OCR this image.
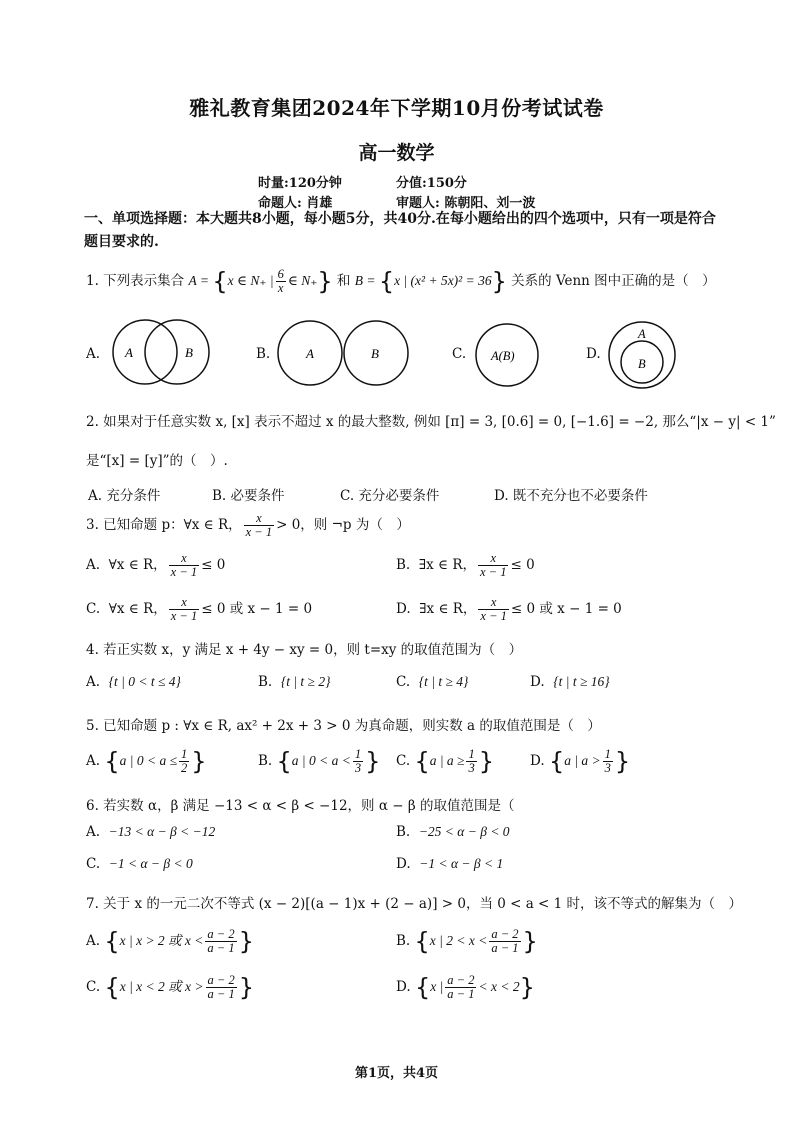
雅礼教育集团2024年下学期10月份考试试卷
高一数学
时量:120分钟	分值:150分
命题人: 肖雄	审题人: 陈朝阳、刘一波
一、单项选择题：本大题共8小题，每小题5分，共40分.在每小题给出的四个选项中，只有一项是符合题目要求的.
1. 下列表示集合 A = {x ∈ N₊ | $\frac{6}{x}$ ∈ N₊} 和 B = {x | (x² + 5x)² = 36} 关系的 Venn 图中正确的是（　）
A. A	B	B.	A	B	C. A(B)	D.
A
B
2. 如果对于任意实数 x, [x] 表示不超过 x 的最大整数, 例如 [π] = 3, [0.6] = 0, [−1.6] = −2, 那么“|x − y| < 1”
是“[x] = [y]”的（　）.
A. 充分条件	B. 必要条件	C. 充分必要条件	D. 既不充分也不必要条件
3. 已知命题 p：∀x ∈ R， $\frac{x}{x - 1} > 0$，则 ¬p 为（　）
A. ∀x ∈ R， $\frac{x}{x - 1} \le 0$	B. ∃x ∈ R， $\frac{x}{x - 1} \le 0$
C. ∀x ∈ R， $\frac{x}{x - 1} \le 0$ 或 x − 1 = 0	D. ∃x ∈ R， $\frac{x}{x - 1} \le 0$ 或 x − 1 = 0
4. 若正实数 x，y 满足 x + 4y − xy = 0，则 t=xy 的取值范围为（　）
A. {t | 0 < t ≤ 4}	B. {t | t ≥ 2}	C. {t | t ≥ 4}	D. {t | t ≥ 16}
5. 已知命题 p : ∀x ∈ R, ax² + 2x + 3 > 0 为真命题，则实数 a 的取值范围是（　）
A. {a | $0 < a \le \frac{1}{2}$ }	B. {a | $0 < a < \frac{1}{3}$ } C. {a | $a \ge \frac{1}{3}$ }	D. {a | $a > \frac{1}{3}$ }
6. 若实数 α，β 满足 −13 < α < β < −12，则 α − β 的取值范围是（
A. −13 < α − β < −12	B. −25 < α − β < 0
C. −1 < α − β < 0	D. −1 < α − β < 1
7. 关于 x 的一元二次不等式 (x − 2)[(a − 1)x + (2 − a)] > 0，当 0 < a < 1 时，该不等式的解集为（　）
A. {x | x > 2 或 $x < \frac{a - 2}{a - 1}$ }	B. {x | $2 < x < \frac{a - 2}{a - 1}$ }
C. {x | x < 2 或 $x > \frac{a - 2}{a - 1}$ }	D. {x | $\frac{a - 2}{a - 1} < x < 2$}
第1页，共4页
